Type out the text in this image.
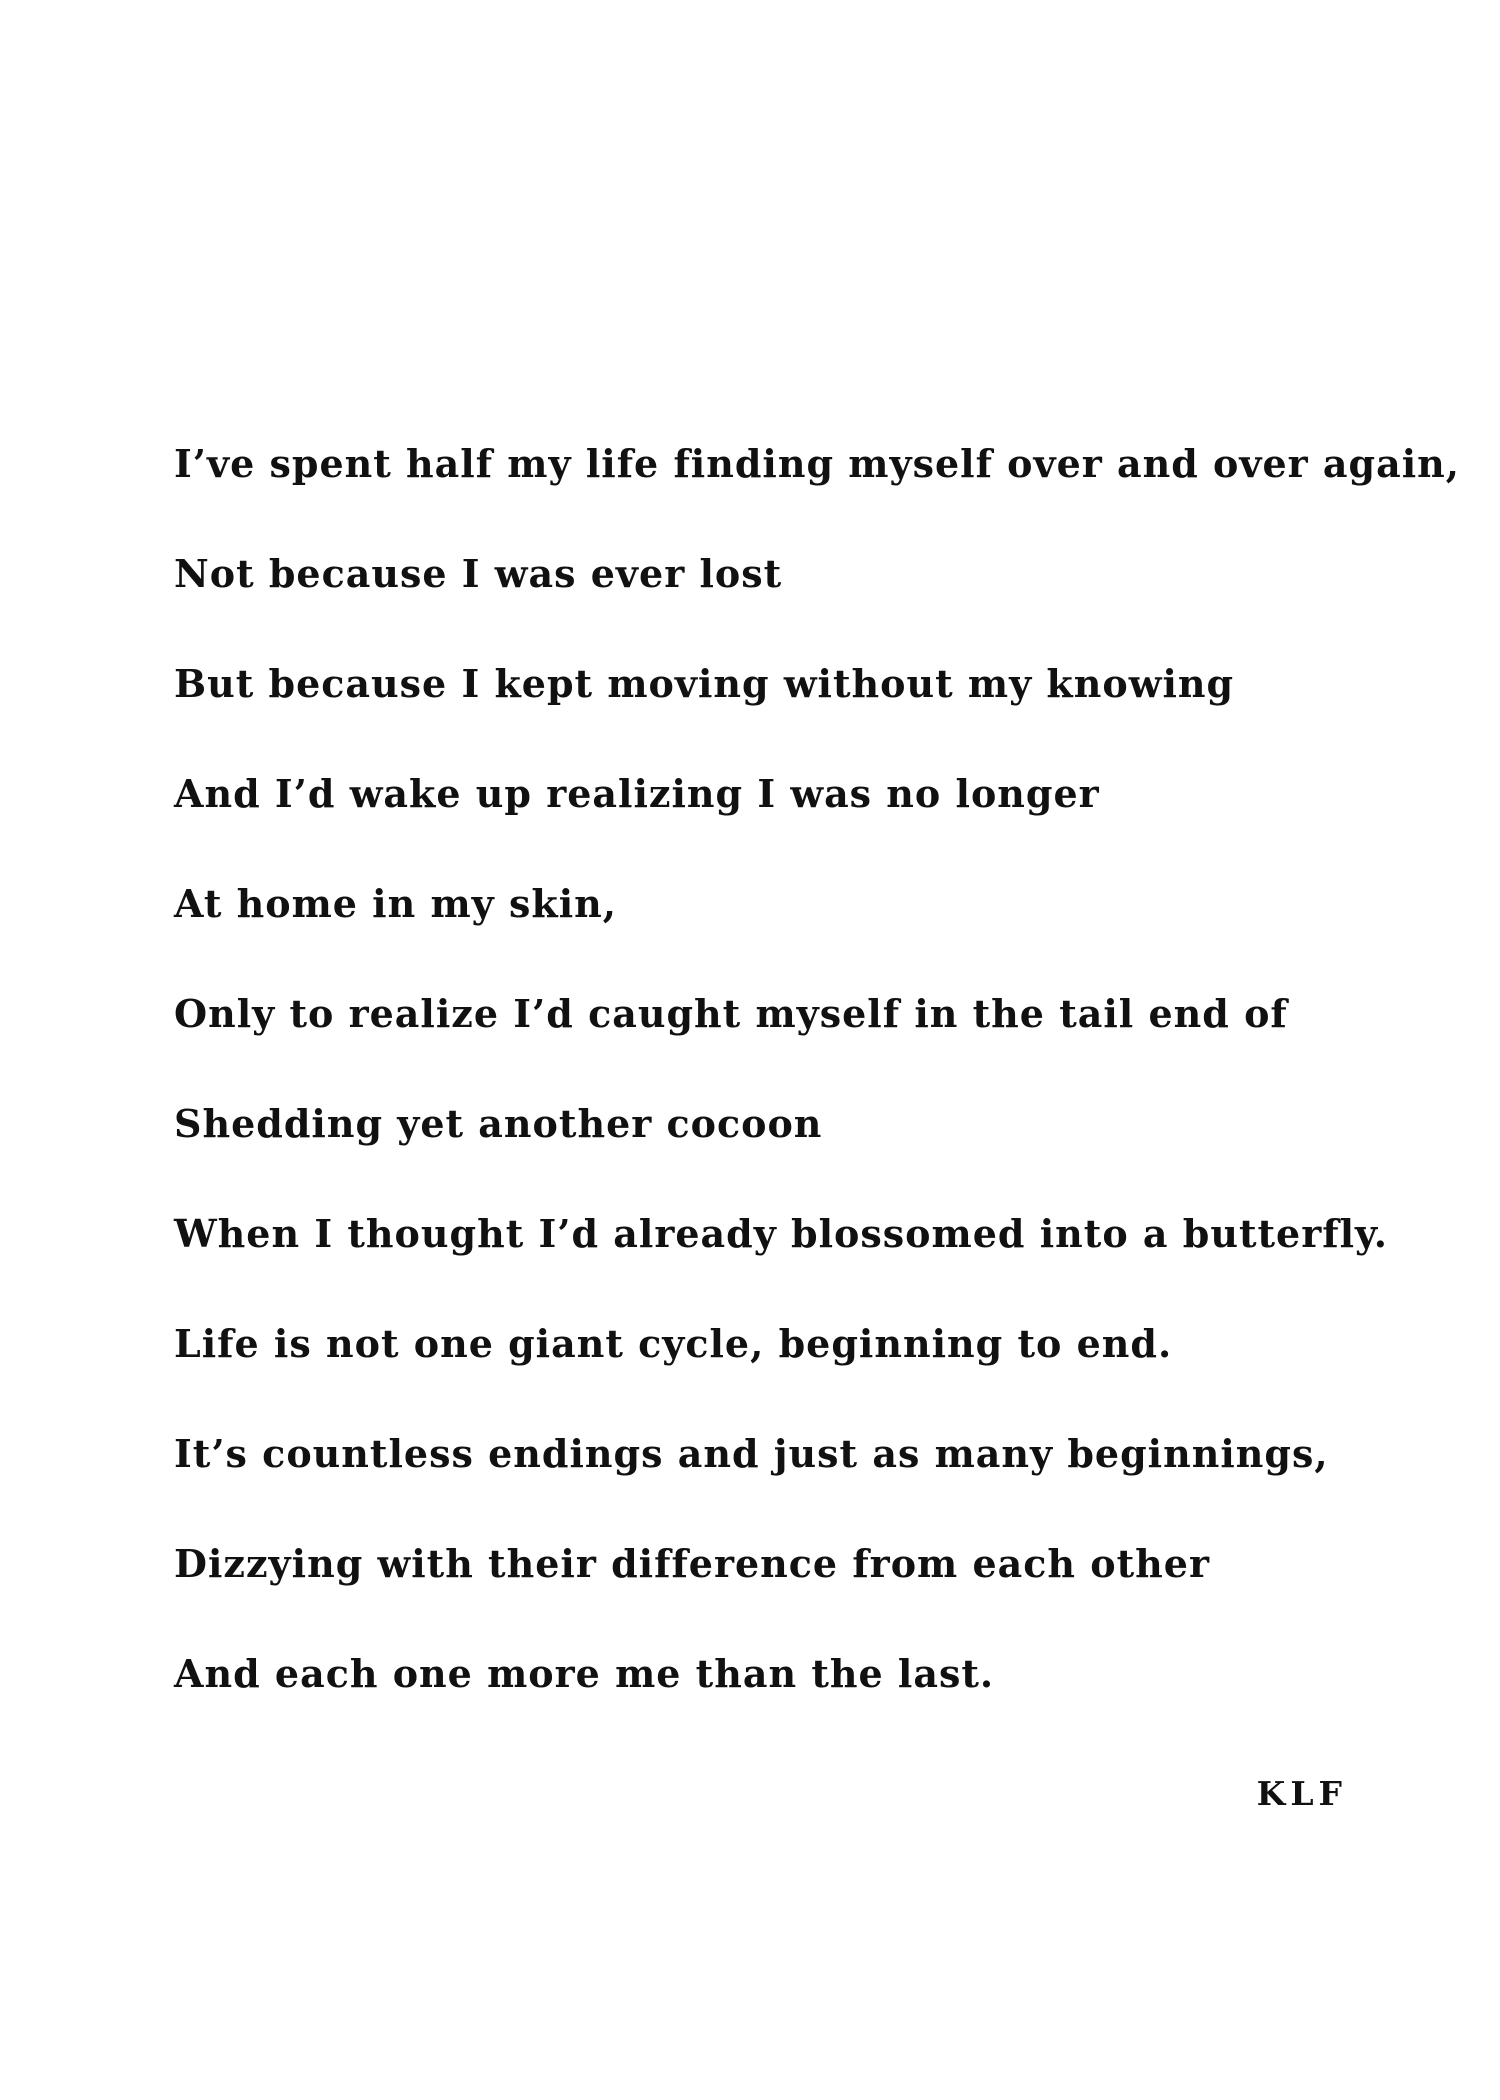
I’ve spent half my life finding myself over and over again,
Not because I was ever lost
But because I kept moving without my knowing
And I’d wake up realizing I was no longer
At home in my skin,
Only to realize I’d caught myself in the tail end of
Shedding yet another cocoon
When I thought I’d already blossomed into a butterfly.
Life is not one giant cycle, beginning to end.
It’s countless endings and just as many beginnings,
Dizzying with their difference from each other
And each one more me than the last.
KLF
